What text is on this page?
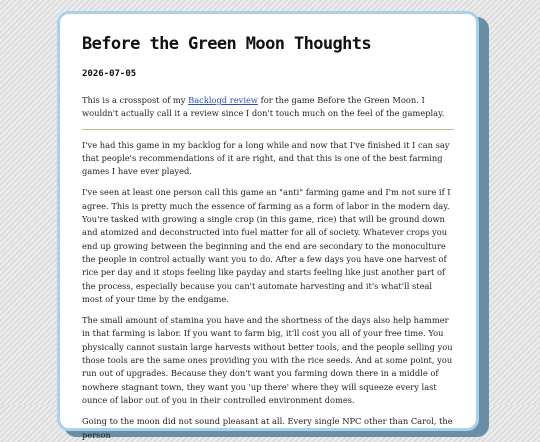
Before the Green Moon Thoughts
2026-07-05

This is a crosspost of my Backlogd review for the game Before the Green Moon. I wouldn't actually call it a review since I don't touch much on the feel of the gameplay.

I've had this game in my backlog for a long while and now that I've finished it I can say that people's recommendations of it are right, and that this is one of the best farming games I have ever played.

I've seen at least one person call this game an "anti" farming game and I'm not sure if I agree. This is pretty much the essence of farming as a form of labor in the modern day. You're tasked with growing a single crop (in this game, rice) that will be ground down and atomized and deconstructed into fuel matter for all of society. Whatever crops you end up growing between the beginning and the end are secondary to the monoculture the people in control actually want you to do. After a few days you have one harvest of rice per day and it stops feeling like payday and starts feeling like just another part of the process, especially because you can't automate harvesting and it's what'll steal most of your time by the endgame.

The small amount of stamina you have and the shortness of the days also help hammer in that farming is labor. If you want to farm big, it'll cost you all of your free time. You physically cannot sustain large harvests without better tools, and the people selling you those tools are the same ones providing you with the rice seeds. And at some point, you run out of upgrades. Because they don't want you farming down there in a middle of nowhere stagnant town, they want you 'up there' where they will squeeze every last ounce of labor out of you in their controlled environment domes.

Going to the moon did not sound pleasant at all. Every single NPC other than Carol, the person
